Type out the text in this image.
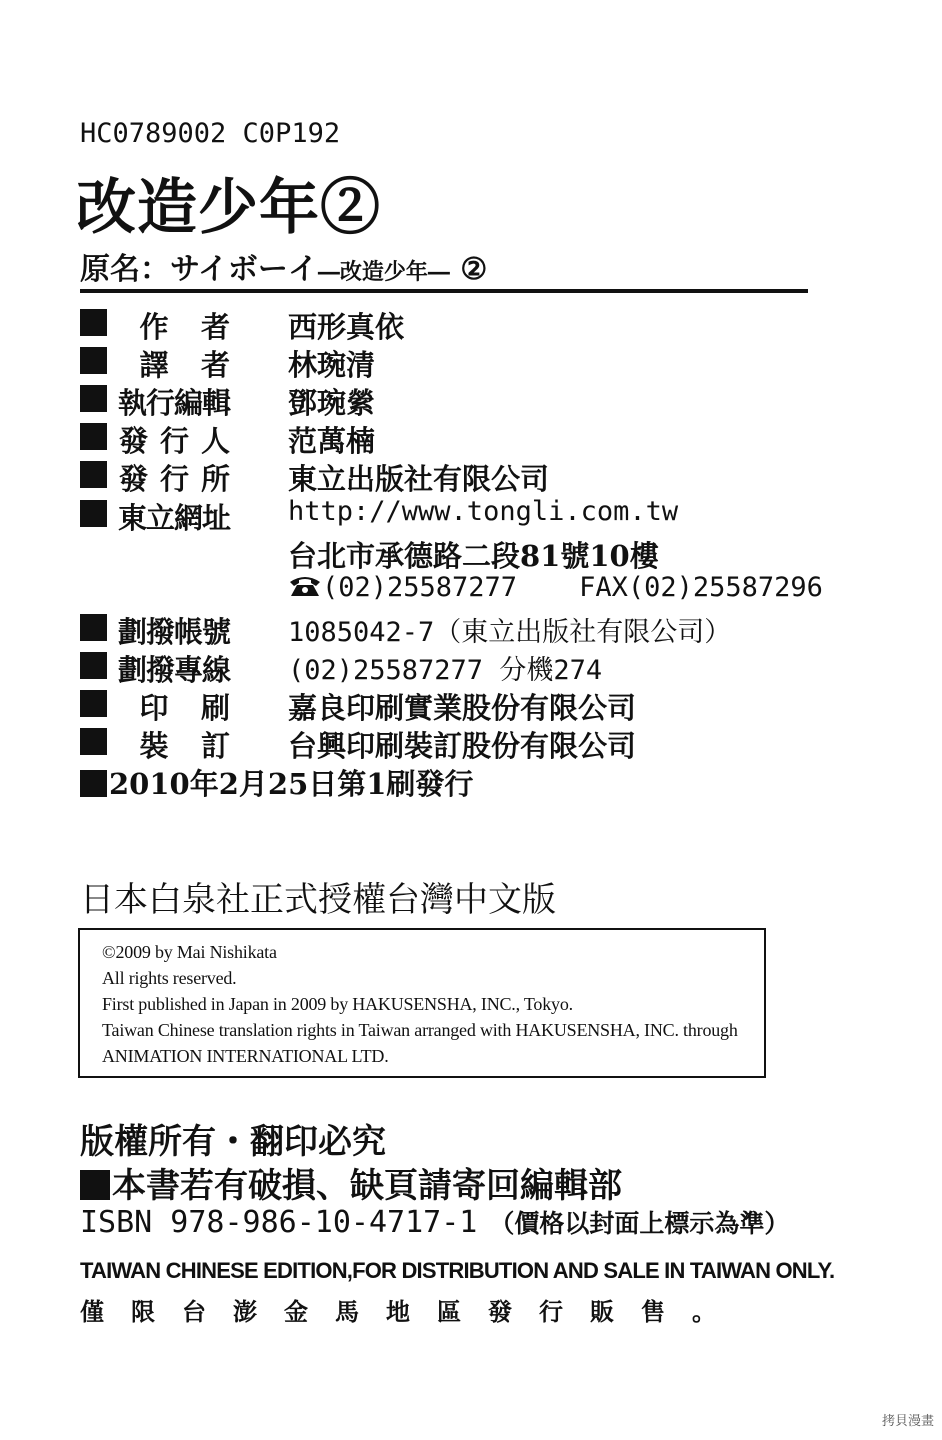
HC0789002 C0P192
改造少年②
原名：サイボーイ―改造少年― ②
作 者 西形真依
譯 者 林琬清
執行編輯 鄧琬縈
發 行 人 范萬楠
發 行 所 東立出版社有限公司
東立網址 http://www.tongli.com.tw
台北市承德路二段81號10樓
(02)25587277 FAX(02)25587296
劃撥帳號 1085042-7（東立出版社有限公司）
劃撥專線 (02)25587277 分機274
印 刷 嘉良印刷實業股份有限公司
裝 訂 台興印刷裝訂股份有限公司
2010年2月25日第1刷發行
日本白泉社正式授權台灣中文版
©2009 by Mai Nishikata
All rights reserved.
First published in Japan in 2009 by HAKUSENSHA, INC., Tokyo.
Taiwan Chinese translation rights in Taiwan arranged with HAKUSENSHA, INC. through
ANIMATION INTERNATIONAL LTD.
版權所有・翻印必究
本書若有破損、缺頁請寄回編輯部
ISBN 978-986-10-4717-1 （價格以封面上標示為準）
TAIWAN CHINESE EDITION,FOR DISTRIBUTION AND SALE IN TAIWAN ONLY.
僅限台澎金馬地區發行販售。
拷貝漫畫
